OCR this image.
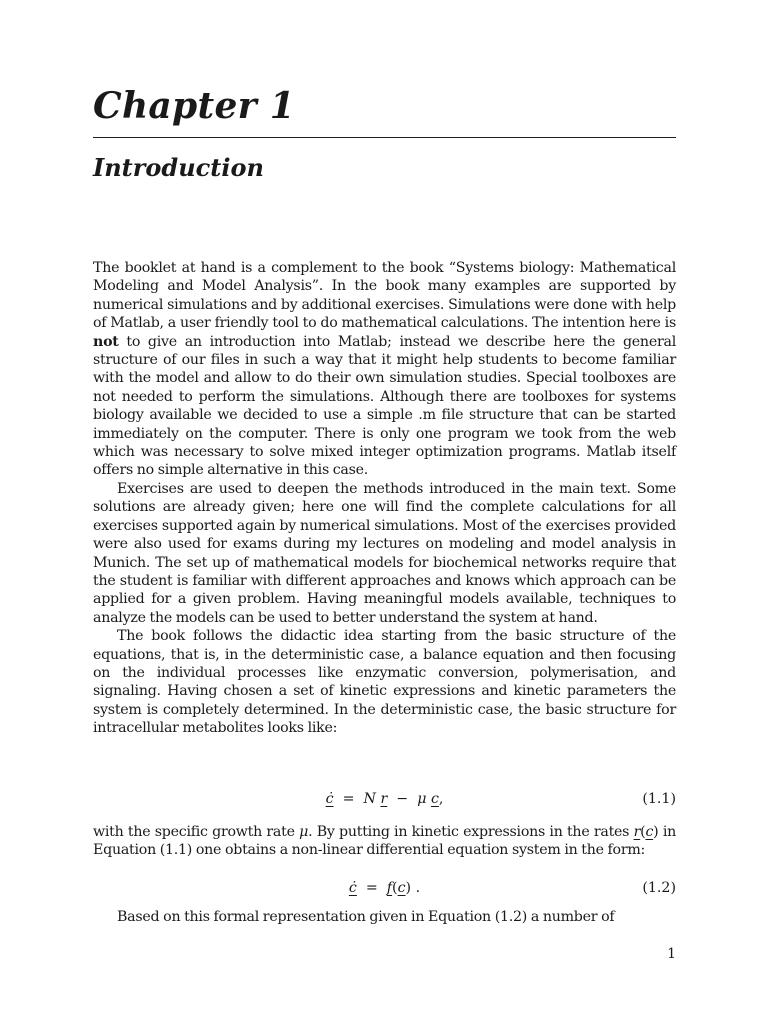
Chapter 1
Introduction

The booklet at hand is a complement to the book “Systems biology: Mathematical Modeling and Model Analysis”. In the book many examples are supported by numerical simulations and by additional exercises. Simulations were done with help of Matlab, a user friendly tool to do mathematical calculations. The intention here is not to give an introduction into Matlab; instead we describe here the general structure of our files in such a way that it might help students to become familiar with the model and allow to do their own simulation studies. Special toolboxes are not needed to perform the simulations. Although there are toolboxes for systems biology available we decided to use a simple .m file structure that can be started immediately on the computer. There is only one program we took from the web which was necessary to solve mixed integer optimization programs. Matlab itself offers no simple alternative in this case.

Exercises are used to deepen the methods introduced in the main text. Some solutions are already given; here one will find the complete calculations for all exercises supported again by numerical simulations. Most of the exercises provided were also used for exams during my lectures on modeling and model analysis in Munich. The set up of mathematical models for biochemical networks require that the student is familiar with different approaches and knows which approach can be applied for a given problem. Having meaningful models available, techniques to analyze the models can be used to better understand the system at hand.

The book follows the didactic idea starting from the basic structure of the equations, that is, in the deterministic case, a balance equation and then focusing on the individual processes like enzymatic conversion, polymerisation, and signaling. Having chosen a set of kinetic expressions and kinetic parameters the system is completely determined. In the deterministic case, the basic structure for intracellular metabolites looks like:

ċ = N r − μ c,	(1.1)

with the specific growth rate μ. By putting in kinetic expressions in the rates r(c) in Equation (1.1) one obtains a non-linear differential equation system in the form:

ċ = f(c) .	(1.2)

Based on this formal representation given in Equation (1.2) a number of

1
